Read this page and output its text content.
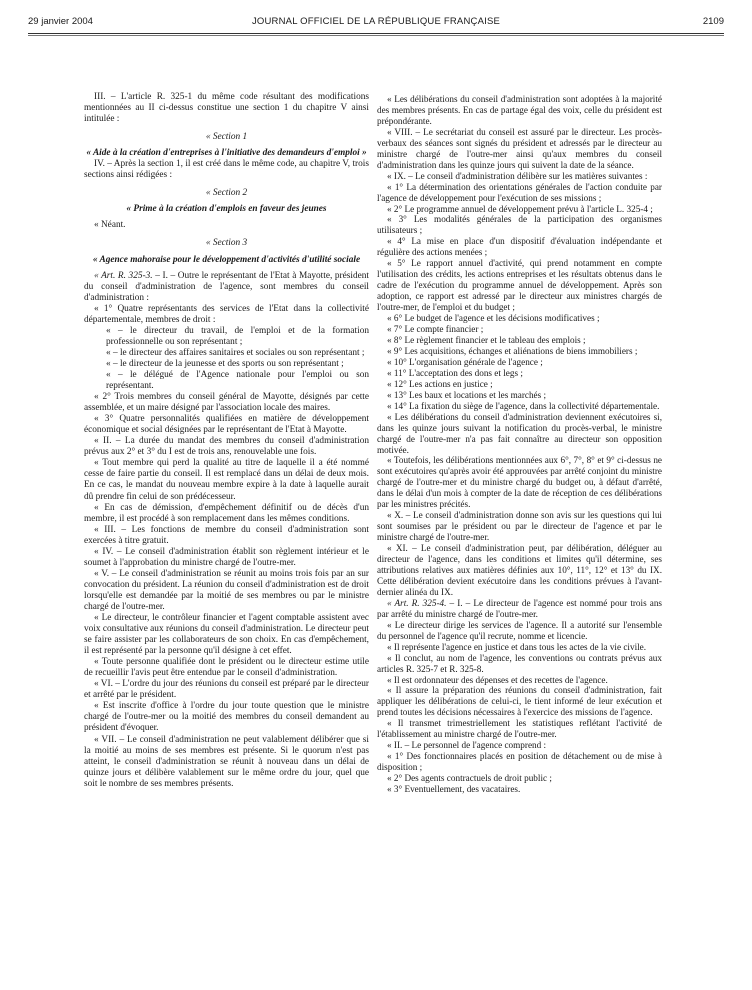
29 janvier 2004	JOURNAL OFFICIEL DE LA RÉPUBLIQUE FRANÇAISE	2109

III. – L'article R. 325-1 du même code résultant des modifications mentionnées au II ci-dessus constitue une section 1 du chapitre V ainsi intitulée :

« Section 1

« Aide à la création d'entreprises à l'initiative des demandeurs d'emploi »

IV. – Après la section 1, il est créé dans le même code, au chapitre V, trois sections ainsi rédigées :

« Section 2

« Prime à la création d'emplois en faveur des jeunes

« Néant.

« Section 3

« Agence mahoraise pour le développement d'activités d'utilité sociale

« Art. R. 325-3. – I. – Outre le représentant de l'Etat à Mayotte, président du conseil d'administration de l'agence, sont membres du conseil d'administration :

« 1° Quatre représentants des services de l'Etat dans la collectivité départementale, membres de droit :

« – le directeur du travail, de l'emploi et de la formation professionnelle ou son représentant ;

« – le directeur des affaires sanitaires et sociales ou son représentant ;

« – le directeur de la jeunesse et des sports ou son représentant ;

« – le délégué de l'Agence nationale pour l'emploi ou son représentant.

« 2° Trois membres du conseil général de Mayotte, désignés par cette assemblée, et un maire désigné par l'association locale des maires.

« 3° Quatre personnalités qualifiées en matière de développement économique et social désignées par le représentant de l'Etat à Mayotte.

« II. – La durée du mandat des membres du conseil d'administration prévus aux 2° et 3° du I est de trois ans, renouvelable une fois.

« Tout membre qui perd la qualité au titre de laquelle il a été nommé cesse de faire partie du conseil. Il est remplacé dans un délai de deux mois. En ce cas, le mandat du nouveau membre expire à la date à laquelle aurait dû prendre fin celui de son prédécesseur.

« En cas de démission, d'empêchement définitif ou de décès d'un membre, il est procédé à son remplacement dans les mêmes conditions.

« III. – Les fonctions de membre du conseil d'administration sont exercées à titre gratuit.

« IV. – Le conseil d'administration établit son règlement intérieur et le soumet à l'approbation du ministre chargé de l'outre-mer.

« V. – Le conseil d'administration se réunit au moins trois fois par an sur convocation du président. La réunion du conseil d'administration est de droit lorsqu'elle est demandée par la moitié de ses membres ou par le ministre chargé de l'outre-mer.

« Le directeur, le contrôleur financier et l'agent comptable assistent avec voix consultative aux réunions du conseil d'administration. Le directeur peut se faire assister par les collaborateurs de son choix. En cas d'empêchement, il est représenté par la personne qu'il désigne à cet effet.

« Toute personne qualifiée dont le président ou le directeur estime utile de recueillir l'avis peut être entendue par le conseil d'administration.

« VI. – L'ordre du jour des réunions du conseil est préparé par le directeur et arrêté par le président.

« Est inscrite d'office à l'ordre du jour toute question que le ministre chargé de l'outre-mer ou la moitié des membres du conseil demandent au président d'évoquer.

« VII. – Le conseil d'administration ne peut valablement délibérer que si la moitié au moins de ses membres est présente. Si le quorum n'est pas atteint, le conseil d'administration se réunit à nouveau dans un délai de quinze jours et délibère valablement sur le même ordre du jour, quel que soit le nombre de ses membres présents.

« Les délibérations du conseil d'administration sont adoptées à la majorité des membres présents. En cas de partage égal des voix, celle du président est prépondérante.

« VIII. – Le secrétariat du conseil est assuré par le directeur. Les procès-verbaux des séances sont signés du président et adressés par le directeur au ministre chargé de l'outre-mer ainsi qu'aux membres du conseil d'administration dans les quinze jours qui suivent la date de la séance.

« IX. – Le conseil d'administration délibère sur les matières suivantes :

« 1° La détermination des orientations générales de l'action conduite par l'agence de développement pour l'exécution de ses missions ;

« 2° Le programme annuel de développement prévu à l'article L. 325-4 ;

« 3° Les modalités générales de la participation des organismes utilisateurs ;

« 4° La mise en place d'un dispositif d'évaluation indépendante et régulière des actions menées ;

« 5° Le rapport annuel d'activité, qui prend notamment en compte l'utilisation des crédits, les actions entreprises et les résultats obtenus dans le cadre de l'exécution du programme annuel de développement. Après son adoption, ce rapport est adressé par le directeur aux ministres chargés de l'outre-mer, de l'emploi et du budget ;

« 6° Le budget de l'agence et les décisions modificatives ;

« 7° Le compte financier ;

« 8° Le règlement financier et le tableau des emplois ;

« 9° Les acquisitions, échanges et aliénations de biens immobiliers ;

« 10° L'organisation générale de l'agence ;

« 11° L'acceptation des dons et legs ;

« 12° Les actions en justice ;

« 13° Les baux et locations et les marchés ;

« 14° La fixation du siège de l'agence, dans la collectivité départementale.

« Les délibérations du conseil d'administration deviennent exécutoires si, dans les quinze jours suivant la notification du procès-verbal, le ministre chargé de l'outre-mer n'a pas fait connaître au directeur son opposition motivée.

« Toutefois, les délibérations mentionnées aux 6°, 7°, 8° et 9° ci-dessus ne sont exécutoires qu'après avoir été approuvées par arrêté conjoint du ministre chargé de l'outre-mer et du ministre chargé du budget ou, à défaut d'arrêté, dans le délai d'un mois à compter de la date de réception de ces délibérations par les ministres précités.

« X. – Le conseil d'administration donne son avis sur les questions qui lui sont soumises par le président ou par le directeur de l'agence et par le ministre chargé de l'outre-mer.

« XI. – Le conseil d'administration peut, par délibération, déléguer au directeur de l'agence, dans les conditions et limites qu'il détermine, ses attributions relatives aux matières définies aux 10°, 11°, 12° et 13° du IX. Cette délibération devient exécutoire dans les conditions prévues à l'avant-dernier alinéa du IX.

« Art. R. 325-4. – I. – Le directeur de l'agence est nommé pour trois ans par arrêté du ministre chargé de l'outre-mer.

« Le directeur dirige les services de l'agence. Il a autorité sur l'ensemble du personnel de l'agence qu'il recrute, nomme et licencie.

« Il représente l'agence en justice et dans tous les actes de la vie civile.

« Il conclut, au nom de l'agence, les conventions ou contrats prévus aux articles R. 325-7 et R. 325-8.

« Il est ordonnateur des dépenses et des recettes de l'agence.

« Il assure la préparation des réunions du conseil d'administration, fait appliquer les délibérations de celui-ci, le tient informé de leur exécution et prend toutes les décisions nécessaires à l'exercice des missions de l'agence.

« Il transmet trimestriellement les statistiques reflétant l'activité de l'établissement au ministre chargé de l'outre-mer.

« II. – Le personnel de l'agence comprend :

« 1° Des fonctionnaires placés en position de détachement ou de mise à disposition ;

« 2° Des agents contractuels de droit public ;

« 3° Eventuellement, des vacataires.
